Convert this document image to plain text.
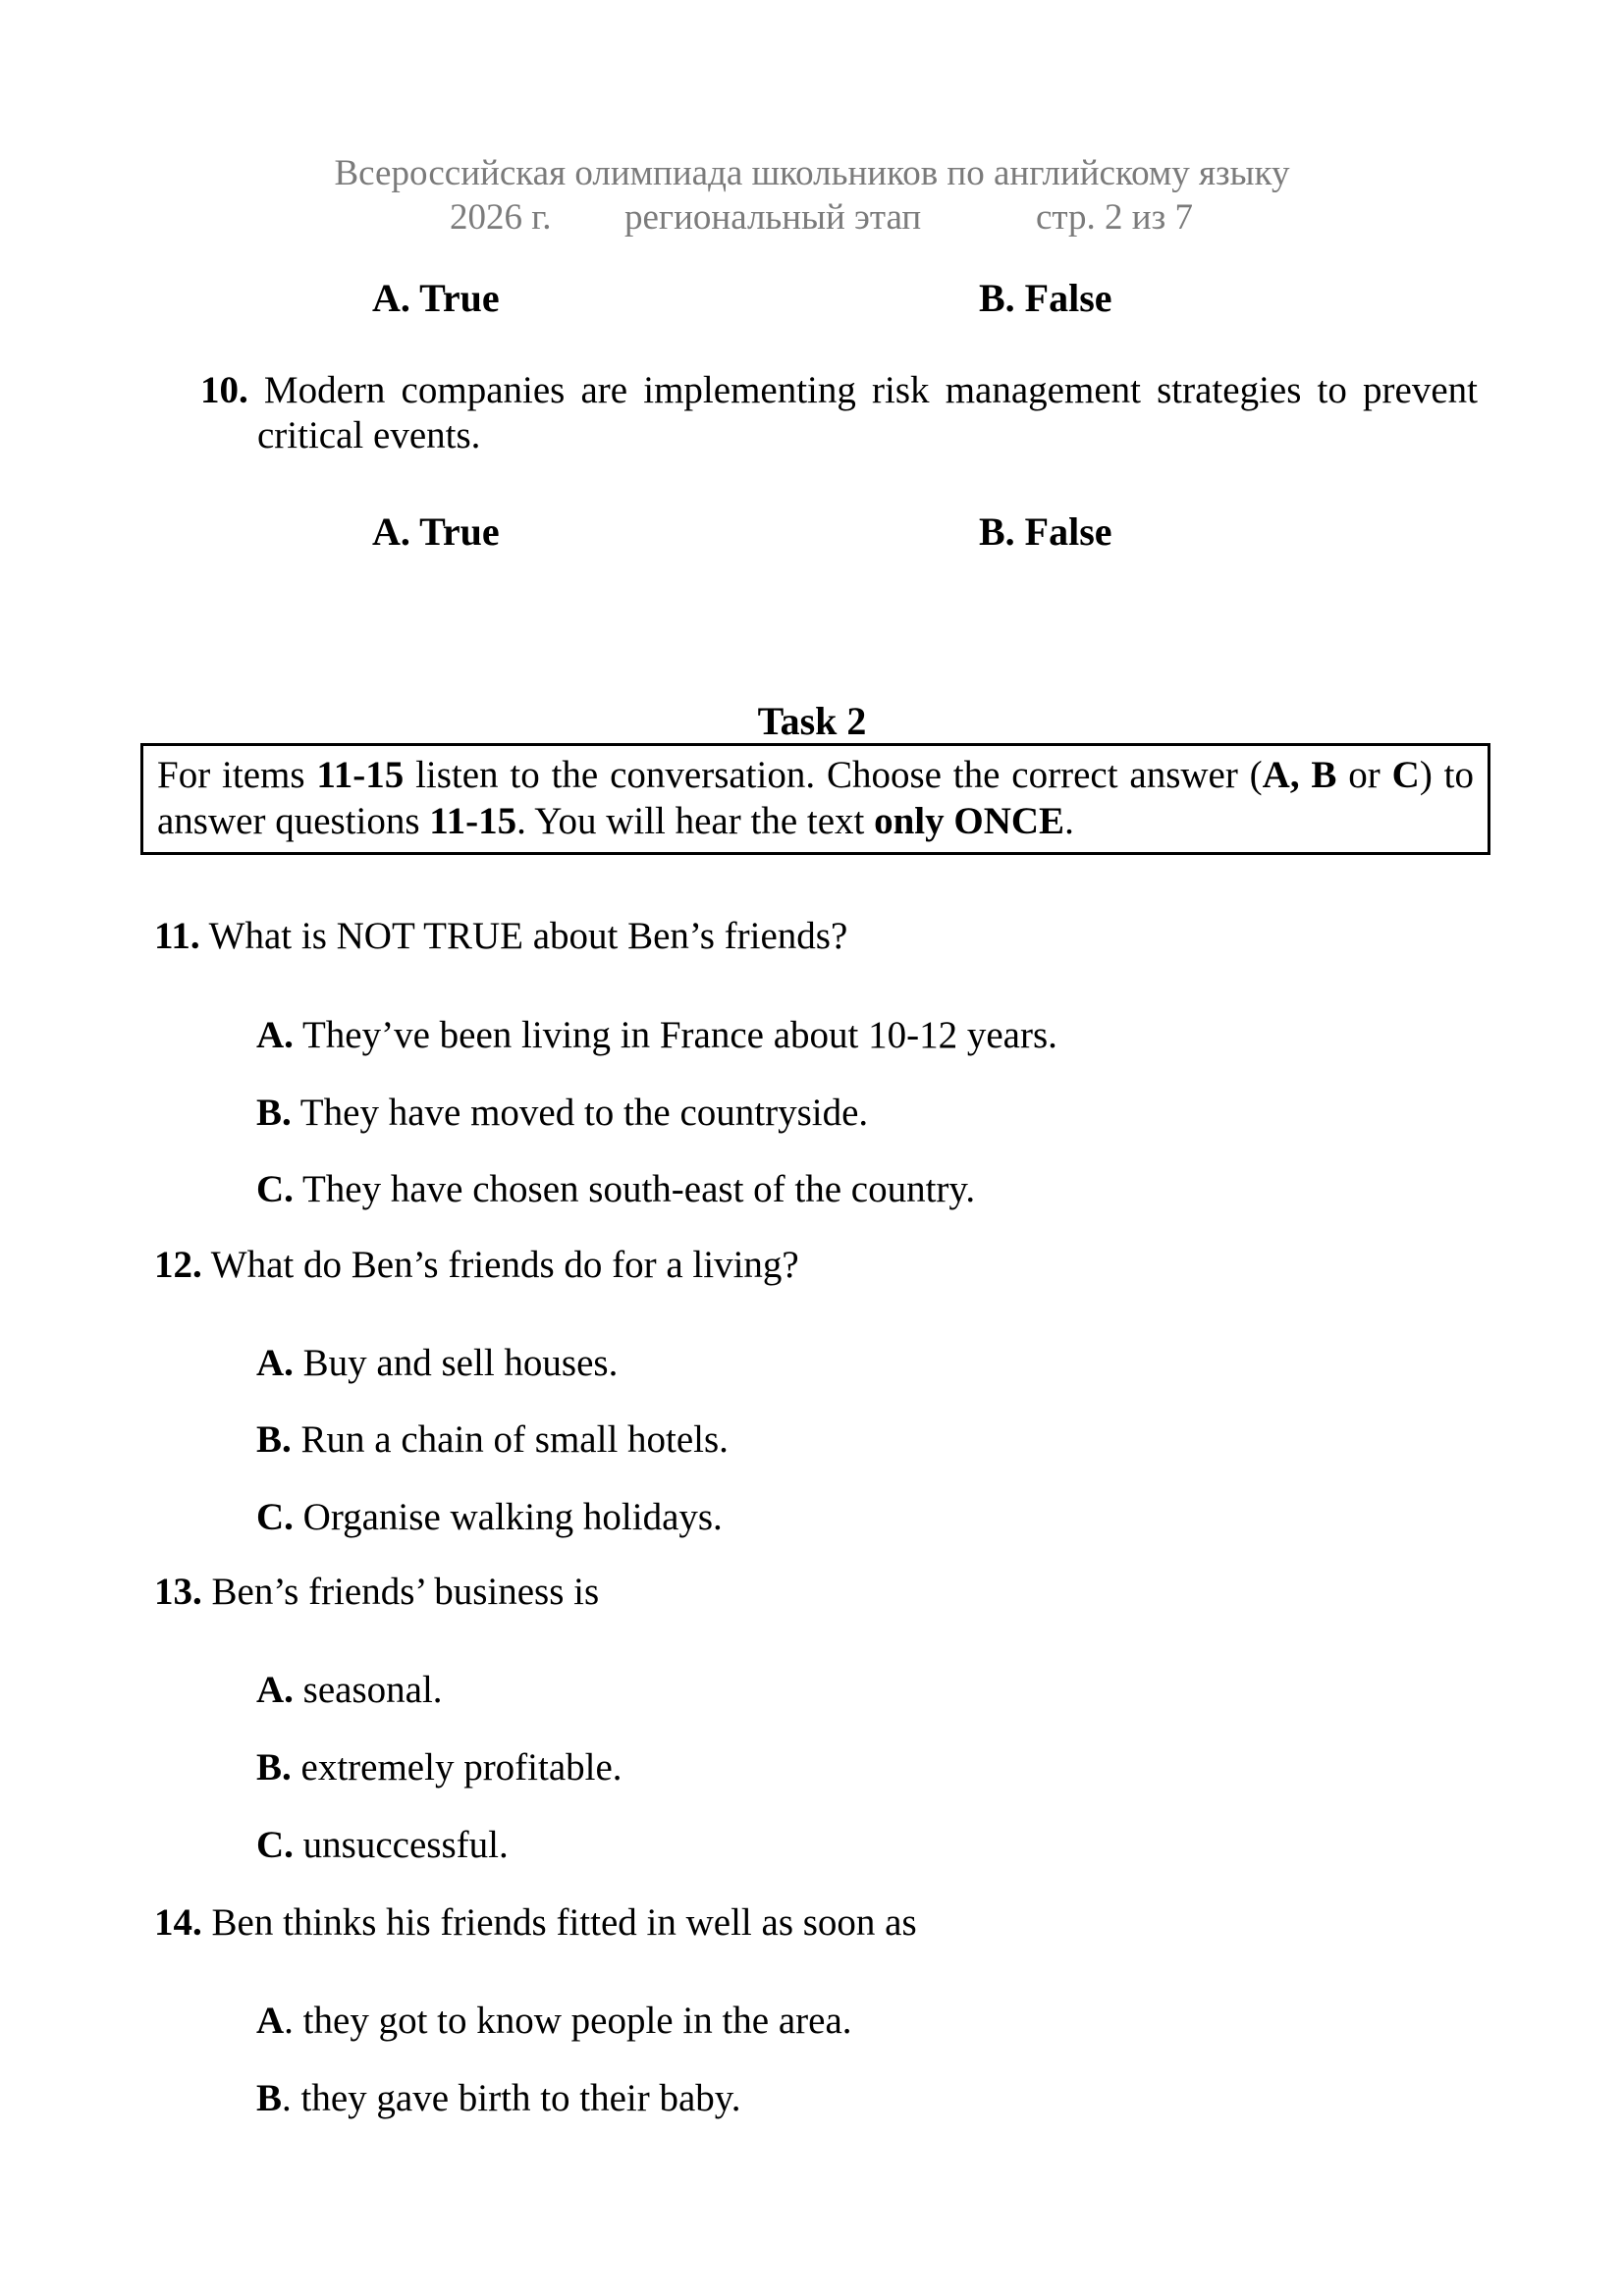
Всероссийская олимпиада школьников по английскому языку
2026 г. региональный этап	стр. 2 из 7
A. True	B. False
10. Modern companies are implementing risk management strategies to prevent
critical events.
A. True	B. False
Task 2
For items 11-15 listen to the conversation. Choose the correct answer (A, B or C) to
answer questions 11-15. You will hear the text only ONCE.
11. What is NOT TRUE about Ben’s friends?
A. They’ve been living in France about 10-12 years.
B. They have moved to the countryside.
C. They have chosen south-east of the country.
12. What do Ben’s friends do for a living?
A. Buy and sell houses.
B. Run a chain of small hotels.
C. Organise walking holidays.
13. Ben’s friends’ business is
A. seasonal.
B. extremely profitable.
C. unsuccessful.
14. Ben thinks his friends fitted in well as soon as
A. they got to know people in the area.
B. they gave birth to their baby.
